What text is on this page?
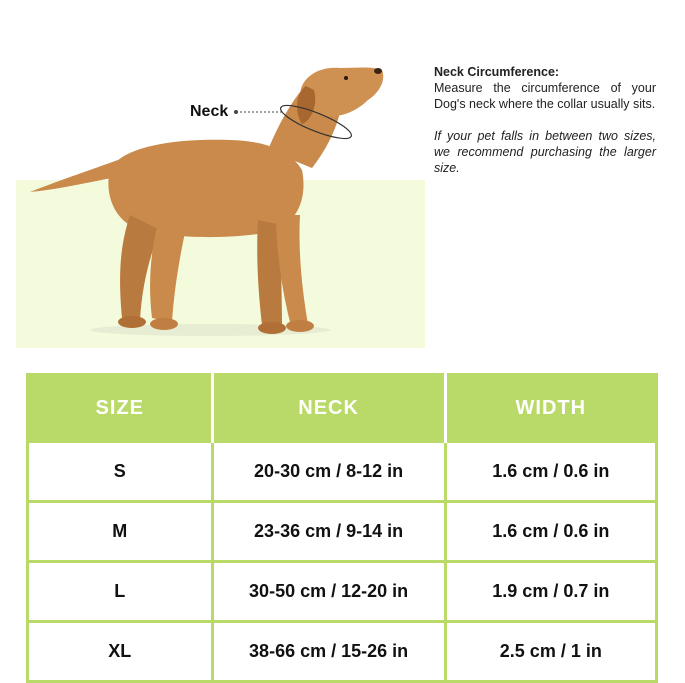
Neck

Neck Circumference:

Measure the circumference of your Dog's neck where the collar usually sits.

If your pet falls in between two sizes, we recommend purchasing the larger size.

SIZE	NECK	WIDTH
S	20-30 cm / 8-12 in	1.6 cm / 0.6 in
M	23-36 cm / 9-14 in	1.6 cm / 0.6 in
L	30-50 cm / 12-20 in	1.9 cm / 0.7 in
XL	38-66 cm / 15-26 in	2.5 cm / 1 in
